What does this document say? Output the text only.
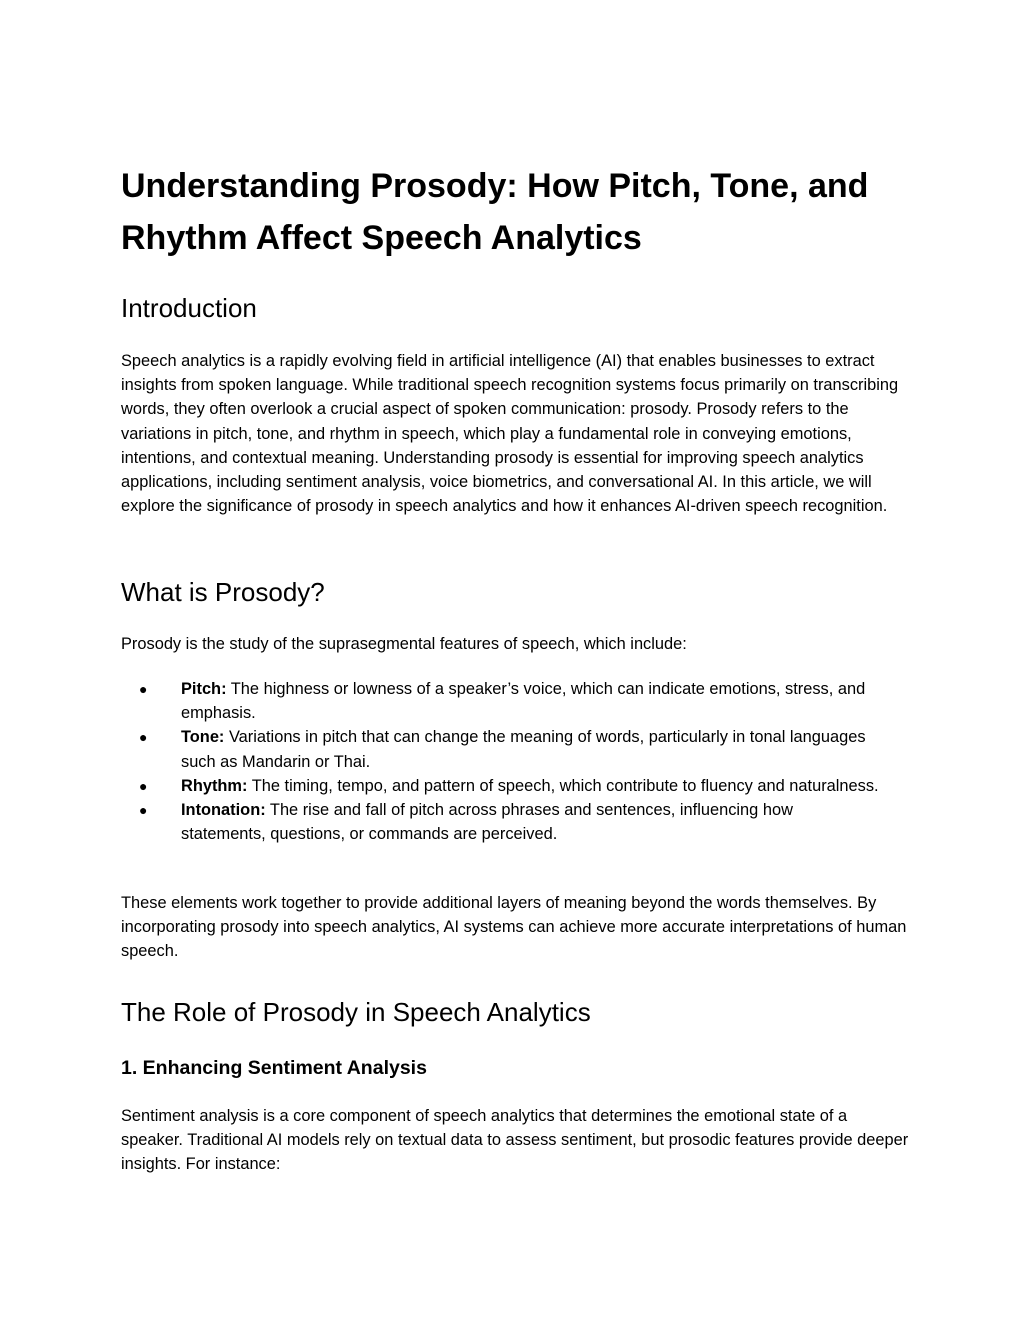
Understanding Prosody: How Pitch, Tone, and Rhythm Affect Speech Analytics
Introduction

Speech analytics is a rapidly evolving field in artificial intelligence (AI) that enables businesses to extract insights from spoken language. While traditional speech recognition systems focus primarily on transcribing words, they often overlook a crucial aspect of spoken communication: prosody. Prosody refers to the variations in pitch, tone, and rhythm in speech, which play a fundamental role in conveying emotions, intentions, and contextual meaning. Understanding prosody is essential for improving speech analytics applications, including sentiment analysis, voice biometrics, and conversational AI. In this article, we will explore the significance of prosody in speech analytics and how it enhances AI-driven speech recognition.

What is Prosody?

Prosody is the study of the suprasegmental features of speech, which include:

● Pitch: The highness or lowness of a speaker’s voice, which can indicate emotions, stress, and emphasis.
● Tone: Variations in pitch that can change the meaning of words, particularly in tonal languages such as Mandarin or Thai.
● Rhythm: The timing, tempo, and pattern of speech, which contribute to fluency and naturalness.
● Intonation: The rise and fall of pitch across phrases and sentences, influencing how statements, questions, or commands are perceived.

These elements work together to provide additional layers of meaning beyond the words themselves. By incorporating prosody into speech analytics, AI systems can achieve more accurate interpretations of human speech.

The Role of Prosody in Speech Analytics
1. Enhancing Sentiment Analysis

Sentiment analysis is a core component of speech analytics that determines the emotional state of a speaker. Traditional AI models rely on textual data to assess sentiment, but prosodic features provide deeper insights. For instance:
